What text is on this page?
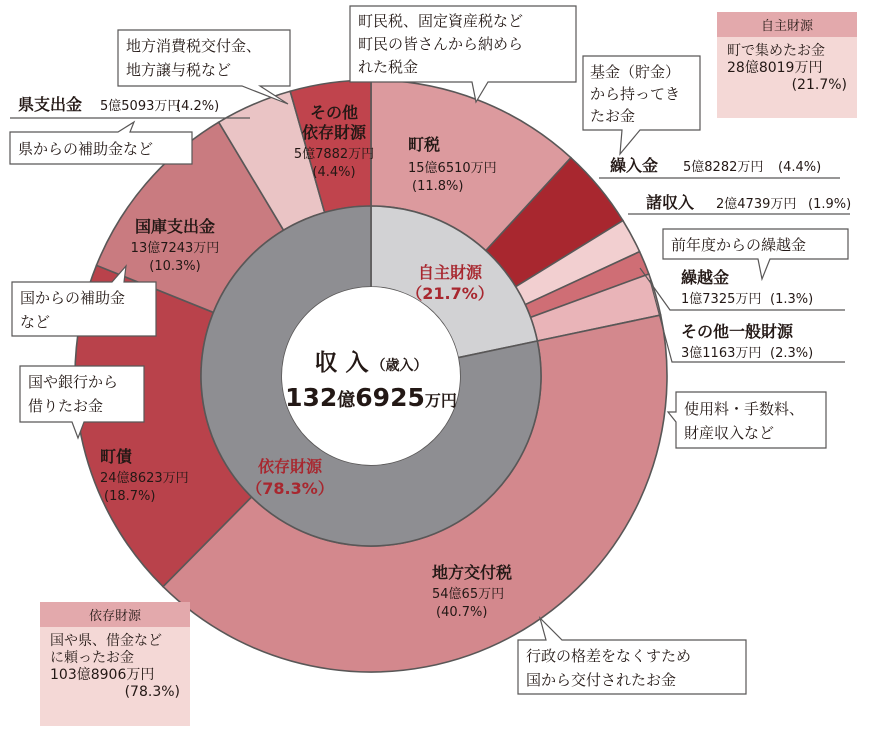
収 入 （歳入）
132億6925万円
自主財源
（21.7%）
依存財源
（78.3%）
町税
15億6510万円
(11.8%)
その他
依存財源
5億7882万円
(4.4%)
国庫支出金
13億7243万円
(10.3%)
町債
24億8623万円
(18.7%)
地方交付税
54億65万円
(40.7%)
繰入金 5億8282万円 (4.4%)
諸収入 2億4739万円 (1.9%)
繰越金
1億7325万円 (1.3%)
その他一般財源
3億1163万円 (2.3%)
県支出金 5億5093万円
(4.2%)
町民税、固定資産税など
町民の皆さんから納めら
れた税金	基金（貯金）
から持ってき
たお金
前年度からの繰越金
使用料・手数料、
財産収入など
行政の格差をなくすため
国から交付されたお金
国や銀行から
借りたお金
国からの補助金
など
県からの補助金など
地方消費税交付金、
地方譲与税など
自主財源
町で集めたお金
28億8019万円
(21.7%)
依存財源
国や県、借金など
に頼ったお金
103億8906万円
(78.3%)
